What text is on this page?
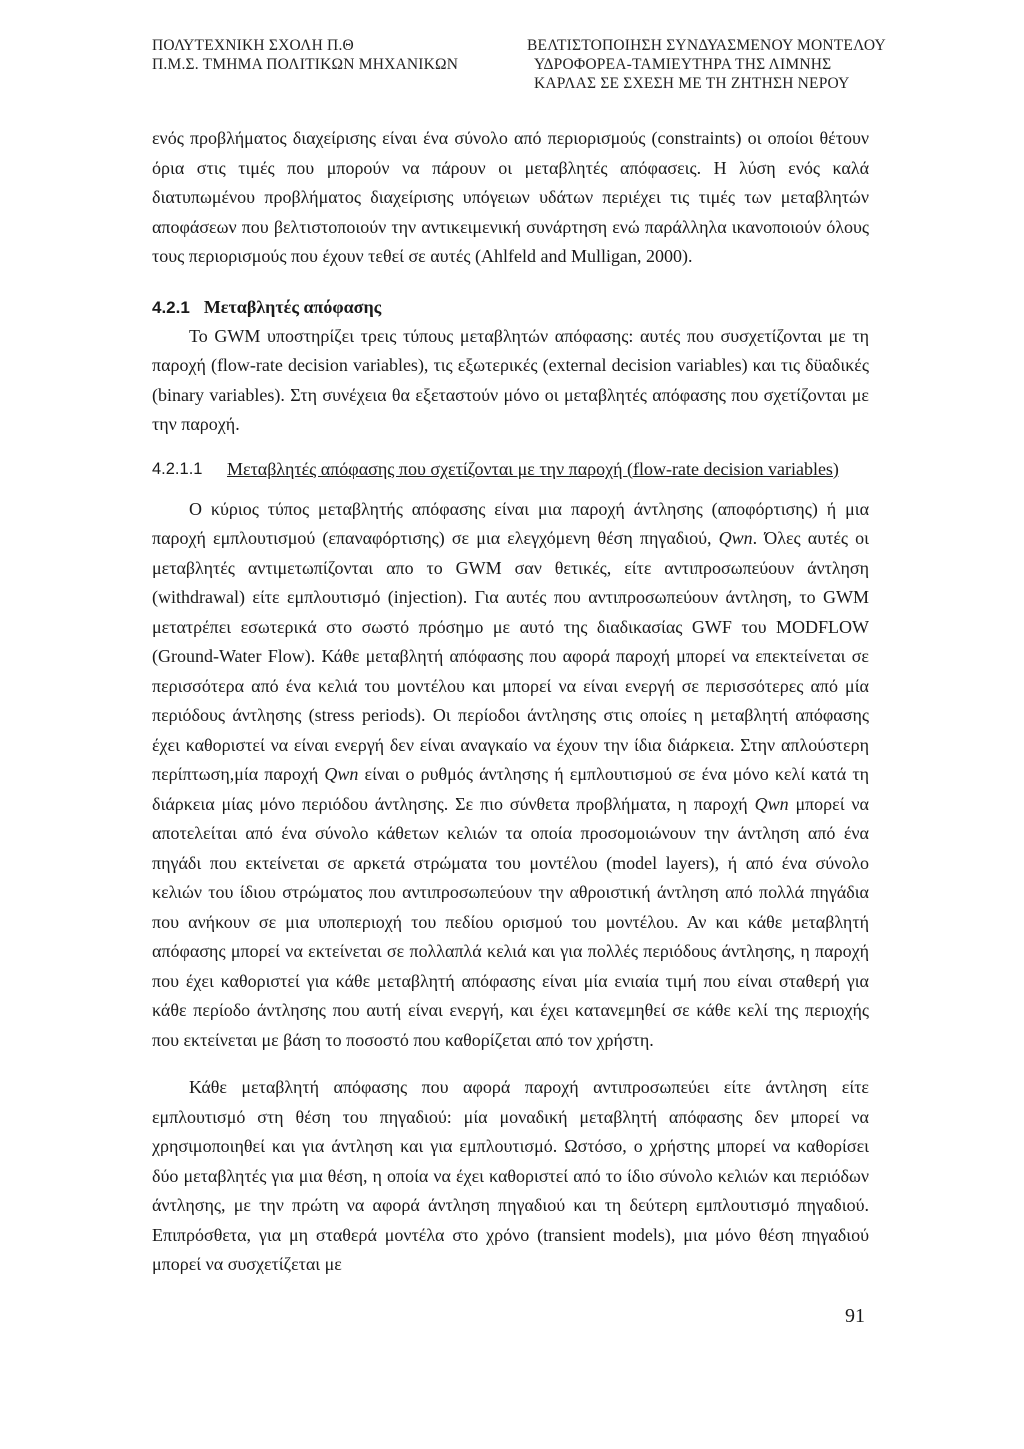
ΠΟΛΥΤΕΧΝΙΚΗ ΣΧΟΛΗ Π.Θ
Π.Μ.Σ. ΤΜΗΜΑ ΠΟΛΙΤΙΚΩΝ ΜΗΧΑΝΙΚΩΝ
ΒΕΛΤΙΣΤΟΠΟΙΗΣΗ ΣΥΝΔΥΑΣΜΕΝΟΥ ΜΟΝΤΕΛΟΥ
ΥΔΡΟΦΟΡΕΑ-ΤΑΜΙΕΥΤΗΡΑ ΤΗΣ ΛΙΜΝΗΣ
ΚΑΡΛΑΣ ΣΕ ΣΧΕΣΗ ΜΕ ΤΗ ΖΗΤΗΣΗ ΝΕΡΟΥ

ενός προβλήματος διαχείρισης είναι ένα σύνολο από περιορισμούς (constraints) οι οποίοι θέτουν όρια στις τιμές που μπορούν να πάρουν οι μεταβλητές απόφασεις. Η λύση ενός καλά διατυπωμένου προβλήματος διαχείρισης υπόγειων υδάτων περιέχει τις τιμές των μεταβλητών αποφάσεων που βελτιστοποιούν την αντικειμενική συνάρτηση ενώ παράλληλα ικανοποιούν όλους τους περιορισμούς που έχουν τεθεί σε αυτές (Ahlfeld and Mulligan, 2000).

4.2.1 Μεταβλητές απόφασης

Το GWM υποστηρίζει τρεις τύπους μεταβλητών απόφασης: αυτές που συσχετίζονται με τη παροχή (flow-rate decision variables), τις εξωτερικές (external decision variables) και τις δϋαδικές (binary variables). Στη συνέχεια θα εξεταστούν μόνο οι μεταβλητές απόφασης που σχετίζονται με την παροχή.

4.2.1.1	Μεταβλητές απόφασης που σχετίζονται με την παροχή (flow-rate decision variables)

Ο κύριος τύπος μεταβλητής απόφασης είναι μια παροχή άντλησης (αποφόρτισης) ή μια παροχή εμπλουτισμού (επαναφόρτισης) σε μια ελεγχόμενη θέση πηγαδιού, Qwn. Όλες αυτές οι μεταβλητές αντιμετωπίζονται απο το GWM σαν θετικές, είτε αντιπροσωπεύουν άντληση (withdrawal) είτε εμπλουτισμό (injection). Για αυτές που αντιπροσωπεύουν άντληση, το GWM μετατρέπει εσωτερικά στο σωστό πρόσημο με αυτό της διαδικασίας GWF του MODFLOW (Ground-Water Flow). Κάθε μεταβλητή απόφασης που αφορά παροχή μπορεί να επεκτείνεται σε περισσότερα από ένα κελιά του μοντέλου και μπορεί να είναι ενεργή σε περισσότερες από μία περιόδους άντλησης (stress periods). Οι περίοδοι άντλησης στις οποίες η μεταβλητή απόφασης έχει καθοριστεί να είναι ενεργή δεν είναι αναγκαίο να έχουν την ίδια διάρκεια. Στην απλούστερη περίπτωση,μία παροχή Qwn είναι ο ρυθμός άντλησης ή εμπλουτισμού σε ένα μόνο κελί κατά τη διάρκεια μίας μόνο περιόδου άντλησης. Σε πιο σύνθετα προβλήματα, η παροχή Qwn μπορεί να αποτελείται από ένα σύνολο κάθετων κελιών τα οποία προσομοιώνουν την άντληση από ένα πηγάδι που εκτείνεται σε αρκετά στρώματα του μοντέλου (model layers), ή από ένα σύνολο κελιών του ίδιου στρώματος που αντιπροσωπεύουν την αθροιστική άντληση από πολλά πηγάδια που ανήκουν σε μια υποπεριοχή του πεδίου ορισμού του μοντέλου. Αν και κάθε μεταβλητή απόφασης μπορεί να εκτείνεται σε πολλαπλά κελιά και για πολλές περιόδους άντλησης, η παροχή που έχει καθοριστεί για κάθε μεταβλητή απόφασης είναι μία ενιαία τιμή που είναι σταθερή για κάθε περίοδο άντλησης που αυτή είναι ενεργή, και έχει κατανεμηθεί σε κάθε κελί της περιοχής που εκτείνεται με βάση το ποσοστό που καθορίζεται από τον χρήστη.

Κάθε μεταβλητή απόφασης που αφορά παροχή αντιπροσωπεύει είτε άντληση είτε εμπλουτισμό στη θέση του πηγαδιού: μία μοναδική μεταβλητή απόφασης δεν μπορεί να χρησιμοποιηθεί και για άντληση και για εμπλουτισμό. Ωστόσο, ο χρήστης μπορεί να καθορίσει δύο μεταβλητές για μια θέση, η οποία να έχει καθοριστεί από το ίδιο σύνολο κελιών και περιόδων άντλησης, με την πρώτη να αφορά άντληση πηγαδιού και τη δεύτερη εμπλουτισμό πηγαδιού. Επιπρόσθετα, για μη σταθερά μοντέλα στο χρόνο (transient models), μια μόνο θέση πηγαδιού μπορεί να συσχετίζεται με

91
